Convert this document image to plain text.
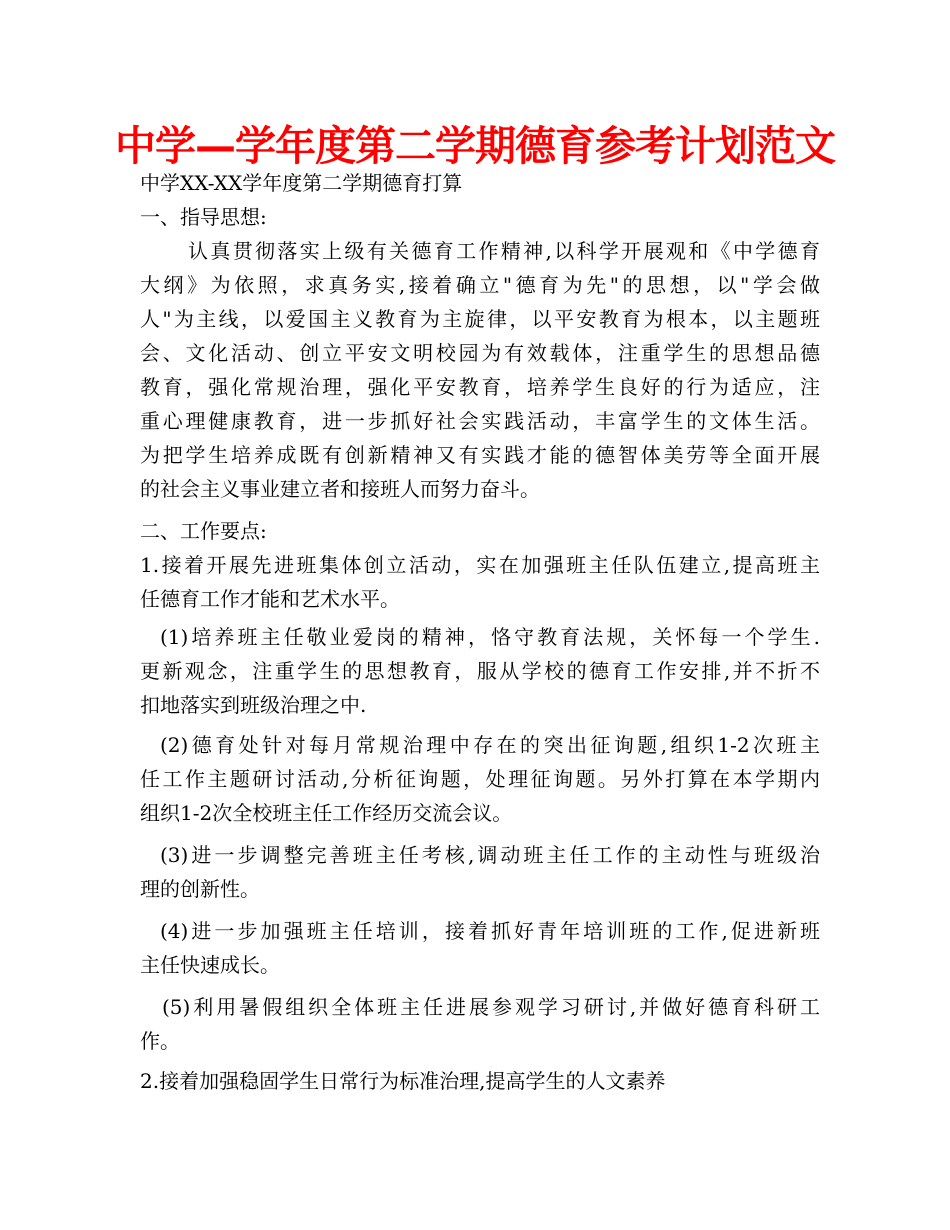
中学—学年度第二学期德育参考计划范文
中学XX-XX学年度第二学期德育打算
一、指导思想:
认真贯彻落实上级有关德育工作精神,以科学开展观和《中学德育
大纲》为依照，求真务实,接着确立"德育为先"的思想，以"学会做
人"为主线，以爱国主义教育为主旋律，以平安教育为根本，以主题班
会、文化活动、创立平安文明校园为有效载体，注重学生的思想品德
教育，强化常规治理，强化平安教育，培养学生良好的行为适应，注
重心理健康教育，进一步抓好社会实践活动，丰富学生的文体生活。
为把学生培养成既有创新精神又有实践才能的德智体美劳等全面开展
的社会主义事业建立者和接班人而努力奋斗。
二、工作要点:
1.接着开展先进班集体创立活动，实在加强班主任队伍建立,提高班主
任德育工作才能和艺术水平。
(1)培养班主任敬业爱岗的精神，恪守教育法规，关怀每一个学生.
更新观念，注重学生的思想教育，服从学校的德育工作安排,并不折不
扣地落实到班级治理之中.
(2)德育处针对每月常规治理中存在的突出征询题,组织1-2次班主
任工作主题研讨活动,分析征询题，处理征询题。另外打算在本学期内
组织1-2次全校班主任工作经历交流会议。
(3)进一步调整完善班主任考核,调动班主任工作的主动性与班级治
理的创新性。
(4)进一步加强班主任培训，接着抓好青年培训班的工作,促进新班
主任快速成长。
(5)利用暑假组织全体班主任进展参观学习研讨,并做好德育科研工
作。
2.接着加强稳固学生日常行为标准治理,提高学生的人文素养
